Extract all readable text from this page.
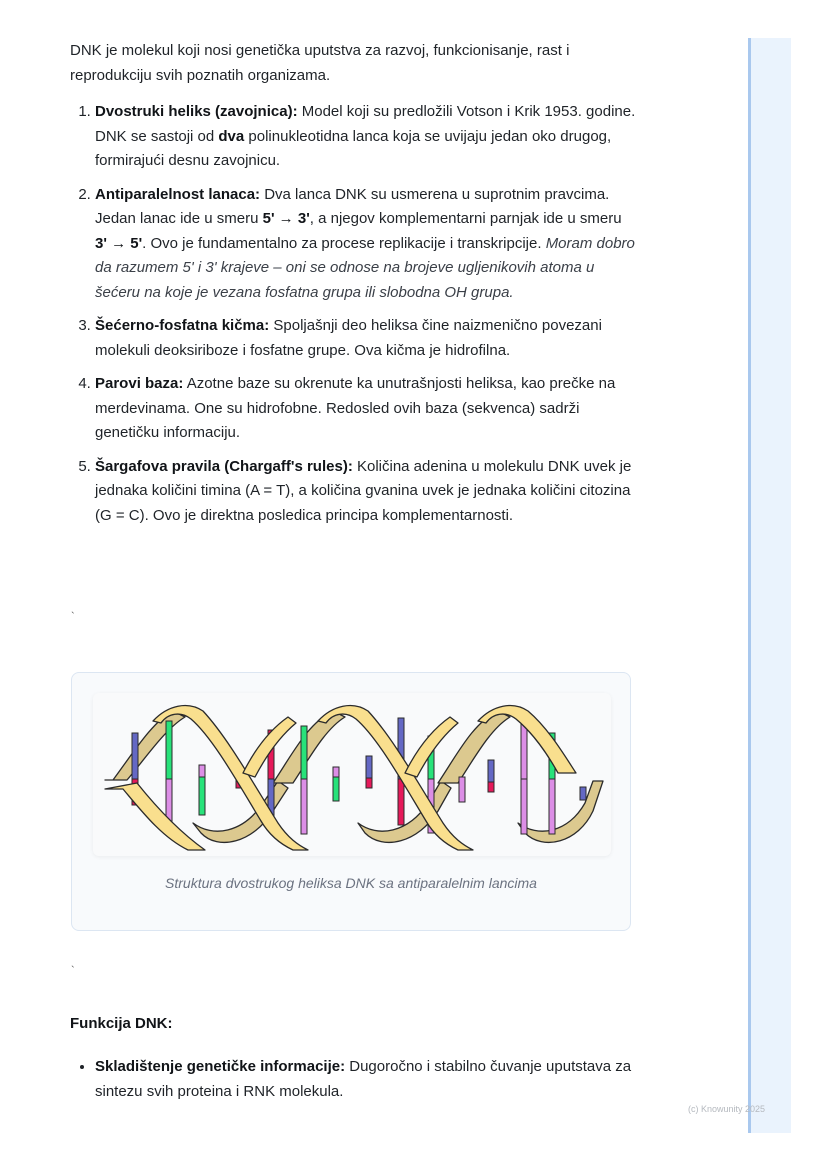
DNK je molekul koji nosi genetička uputstva za razvoj, funkcionisanje, rast i reprodukciju svih poznatih organizama.

1. Dvostruki heliks (zavojnica): Model koji su predložili Votson i Krik 1953. godine. DNK se sastoji od dva polinukleotidna lanca koja se uvijaju jedan oko drugog, formirajući desnu zavojnicu.
2. Antiparalelnost lanaca: Dva lanca DNK su usmerena u suprotnim pravcima. Jedan lanac ide u smeru 5' → 3', a njegov komplementarni parnjak ide u smeru 3' → 5'. Ovo je fundamentalno za procese replikacije i transkripcije. Moram dobro da razumem 5' i 3' krajeve – oni se odnose na brojeve ugljenikovih atoma u šećeru na koje je vezana fosfatna grupa ili slobodna OH grupa.
3. Šećerno-fosfatna kičma: Spoljašnji deo heliksa čine naizmenično povezani molekuli deoksiriboze i fosfatne grupe. Ova kičma je hidrofilna.
4. Parovi baza: Azotne baze su okrenute ka unutrašnjosti heliksa, kao prečke na merdevinama. One su hidrofobne. Redosled ovih baza (sekvenca) sadrži genetičku informaciju.
5. Šargafova pravila (Chargaff's rules): Količina adenina u molekulu DNK uvek je jednaka količini timina (A = T), a količina gvanina uvek je jednaka količini citozina (G = C). Ovo je direktna posledica principa komplementarnosti.
`
Struktura dvostrukog heliksa DNK sa antiparalelnim lancima
`
Funkcija DNK:
• Skladištenje genetičke informacije: Dugoročno i stabilno čuvanje uputstava za sintezu svih proteina i RNK molekula.
(c) Knowunity 2025
